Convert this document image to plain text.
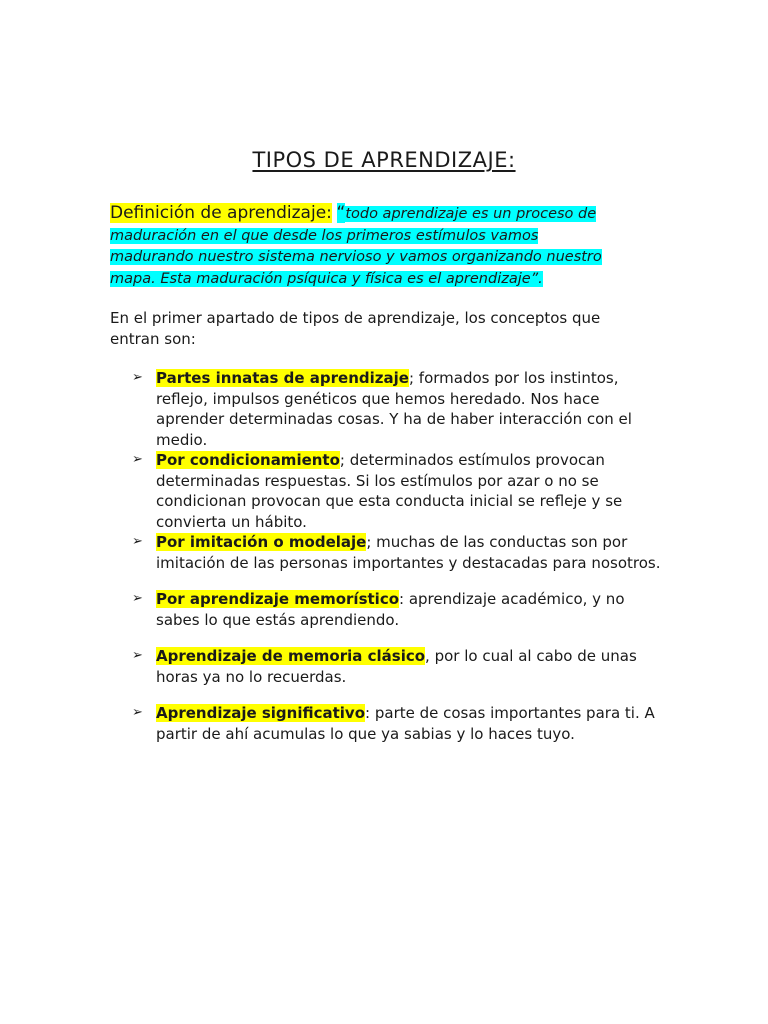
TIPOS DE APRENDIZAJE:

Definición de aprendizaje: “todo aprendizaje es un proceso de maduración en el que desde los primeros estímulos vamos madurando nuestro sistema nervioso y vamos organizando nuestro mapa. Esta maduración psíquica y física es el aprendizaje”.

En el primer apartado de tipos de aprendizaje, los conceptos que entran son:

➢ Partes innatas de aprendizaje; formados por los instintos, reflejo, impulsos genéticos que hemos heredado. Nos hace aprender determinadas cosas. Y ha de haber interacción con el medio.
➢ Por condicionamiento; determinados estímulos provocan determinadas respuestas. Si los estímulos por azar o no se condicionan provocan que esta conducta inicial se refleje y se convierta un hábito.
➢ Por imitación o modelaje; muchas de las conductas son por imitación de las personas importantes y destacadas para nosotros.
➢ Por aprendizaje memorístico: aprendizaje académico, y no sabes lo que estás aprendiendo.
➢ Aprendizaje de memoria clásico, por lo cual al cabo de unas horas ya no lo recuerdas.
➢ Aprendizaje significativo: parte de cosas importantes para ti. A partir de ahí acumulas lo que ya sabias y lo haces tuyo.
